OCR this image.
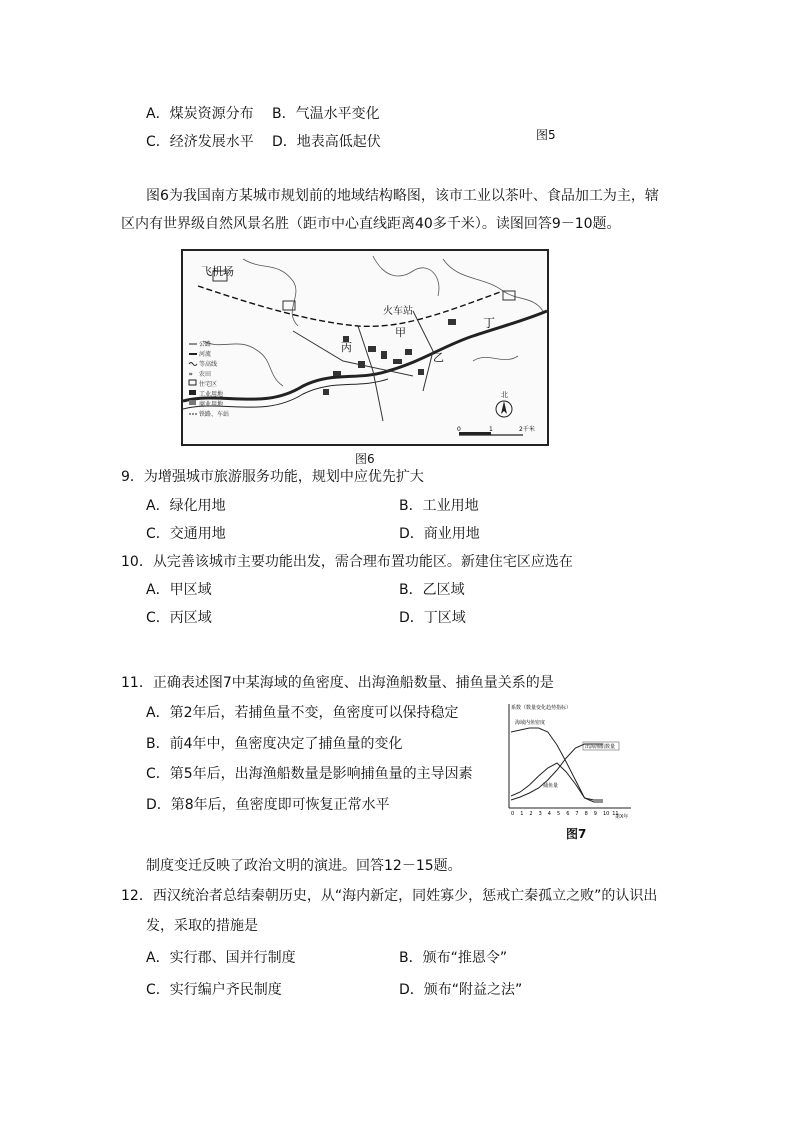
A．煤炭资源分布 B．气温水平变化
C．经济发展水平 D．地表高低起伏	图5
图6为我国南方某城市规划前的地域结构略图，该市工业以茶叶、食品加工为主，辖
区内有世界级自然风景名胜（距市中心直线距离40多千米）。读图回答9－10题。
公路
河流
等高线
⌗ 农田
住宅区
工业用地
商业用地
铁路、车站
飞机场
火车站
甲
乙
丙
丁
北
0	1	2千米
图6
9．为增强城市旅游服务功能，规划中应优先扩大
A．绿化用地	B．工业用地
C．交通用地	D．商业用地
10．从完善该城市主要功能出发，需合理布置功能区。新建住宅区应选在
A．甲区域	B．乙区域
C．丙区域	D．丁区域
11．正确表述图7中某海域的鱼密度、出海渔船数量、捕鱼量关系的是
A．第2年后，若捕鱼量不变，鱼密度可以保持稳定
B．前4年中，鱼密度决定了捕鱼量的变化
C．第5年后，出海渔船数量是影响捕鱼量的主导因素
D．第8年后，鱼密度即可恢复正常水平
系数（数量变化趋势指标）
第X年
海域内鱼密度
出海渔船数量
捕鱼量
0 1 2 3 4 5 6 7 8 9 10 11
图7
制度变迁反映了政治文明的演进。回答12－15题。
12．西汉统治者总结秦朝历史，从“海内新定，同姓寡少，惩戒亡秦孤立之败”的认识出
发，采取的措施是
A．实行郡、国并行制度	B．颁布“推恩令”
C．实行编户齐民制度	D．颁布“附益之法”
